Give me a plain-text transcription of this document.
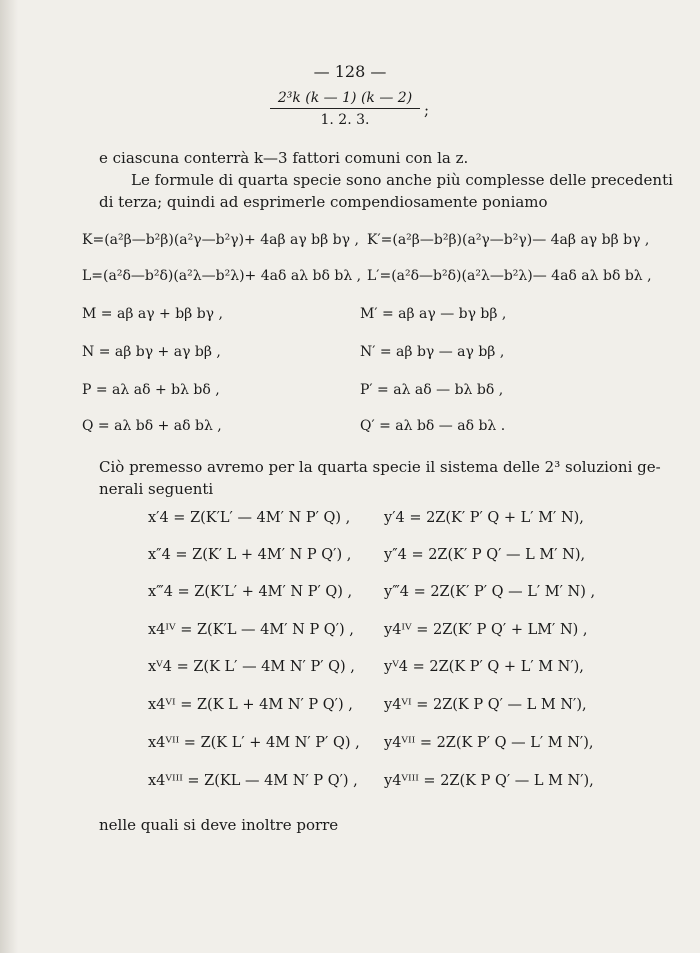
— 128 —
$\frac{\text{2³k (k — 1) (k — 2)}}{1. 2. 3.}$ ;
e ciascuna conterrà k—3 fattori comuni con la z.
Le formule di quarta specie sono anche più complesse delle precedenti
di terza; quindi ad esprimerle compendiosamente poniamo
K=(a²β—b²β)(a²γ—b²γ)+ 4aβ aγ bβ bγ , K′=(a²β—b²β)(a²γ—b²γ)— 4aβ aγ bβ bγ ,
L=(a²δ—b²δ)(a²λ—b²λ)+ 4aδ aλ bδ bλ , L′=(a²δ—b²δ)(a²λ—b²λ)— 4aδ aλ bδ bλ ,
M = aβ aγ + bβ bγ ,	M′ = aβ aγ — bγ bβ ,
N = aβ bγ + aγ bβ ,	N′ = aβ bγ — aγ bβ ,
P = aλ aδ + bλ bδ ,	P′ = aλ aδ — bλ bδ ,
Q = aλ bδ + aδ bλ ,	Q′ = aλ bδ — aδ bλ .
Ciò premesso avremo per la quarta specie il sistema delle 2³ soluzioni ge-
nerali seguenti
x′4 = Z(K′L′ — 4M′ N P′ Q) , y′4 = 2Z(K′ P′ Q + L′ M′ N),
x″4 = Z(K′ L + 4M′ N P Q′) , y″4 = 2Z(K′ P Q′ — L M′ N),
x‴4 = Z(K′L′ + 4M′ N P′ Q) , y‴4 = 2Z(K′ P′ Q — L′ M′ N) ,
x4ᴵⱽ = Z(K′L — 4M′ N P Q′) , y4ᴵⱽ = 2Z(K′ P Q′ + LM′ N) ,
xⱽ4 = Z(K L′ — 4M N′ P′ Q) , yⱽ4 = 2Z(K P′ Q + L′ M N′),
x4ⱽᴵ = Z(K L + 4M N′ P Q′) , y4ⱽᴵ = 2Z(K P Q′ — L M N′),
x4ⱽᴵᴵ = Z(K L′ + 4M N′ P′ Q) , y4ⱽᴵᴵ = 2Z(K P′ Q — L′ M N′),
x4ⱽᴵᴵᴵ = Z(KL — 4M N′ P Q′) , y4ⱽᴵᴵᴵ = 2Z(K P Q′ — L M N′),
nelle quali si deve inoltre porre
